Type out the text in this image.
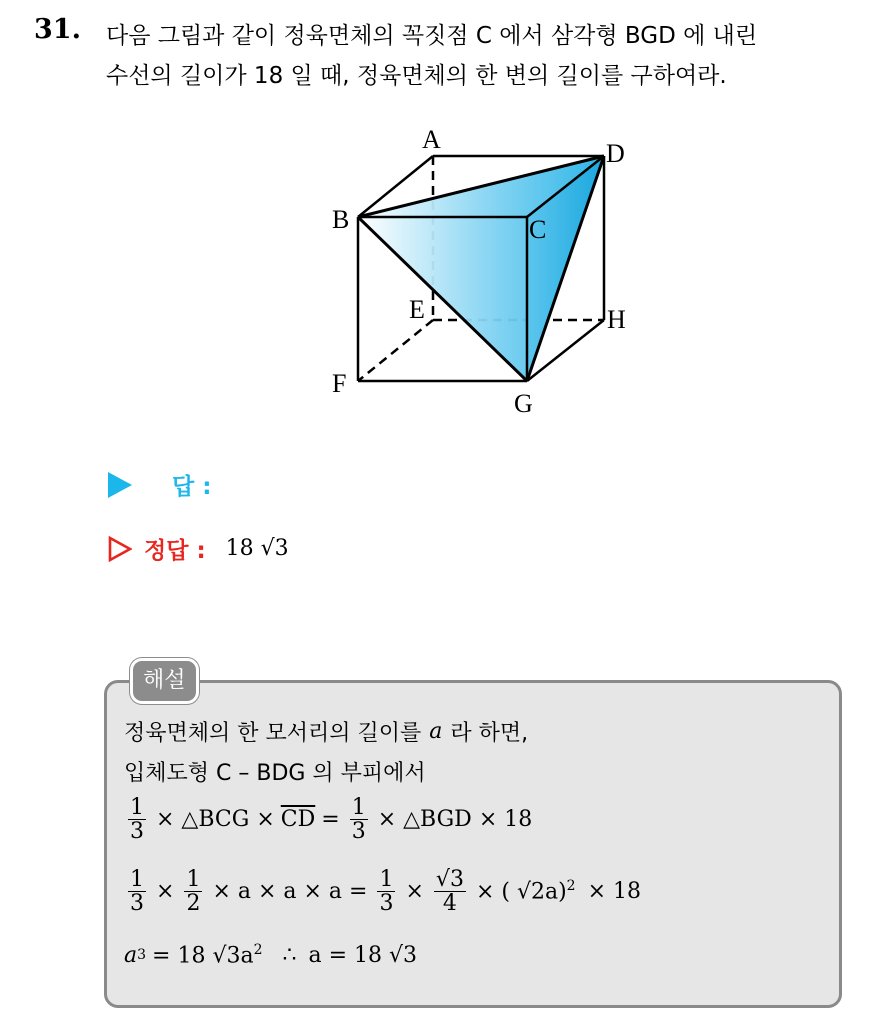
31. 다음 그림과 같이 정육면체의 꼭짓점 C 에서 삼각형 BGD 에 내린
수선의 길이가 18 일 때, 정육면체의 한 변의 길이를 구하여라.
A	D
B	C
E	H
F
G
답 :
정답 : 18 √3
해설
정육면체의 한 모서리의 길이를 a 라 하면,
입체도형 C – BDG 의 부피에서
$\frac{1}{3}$ × △BCG × $\overline{CD} = \frac{1}{3}$ × △BGD × 18
$\frac{1}{3} \times \frac{1}{2} \times a \times a \times a = \frac{1}{3} \times \frac{√3}{4}$ × ( √2a)$^2$ × 18
a 3 = 18 $√3a^2$ ∴ a = 18 √3
